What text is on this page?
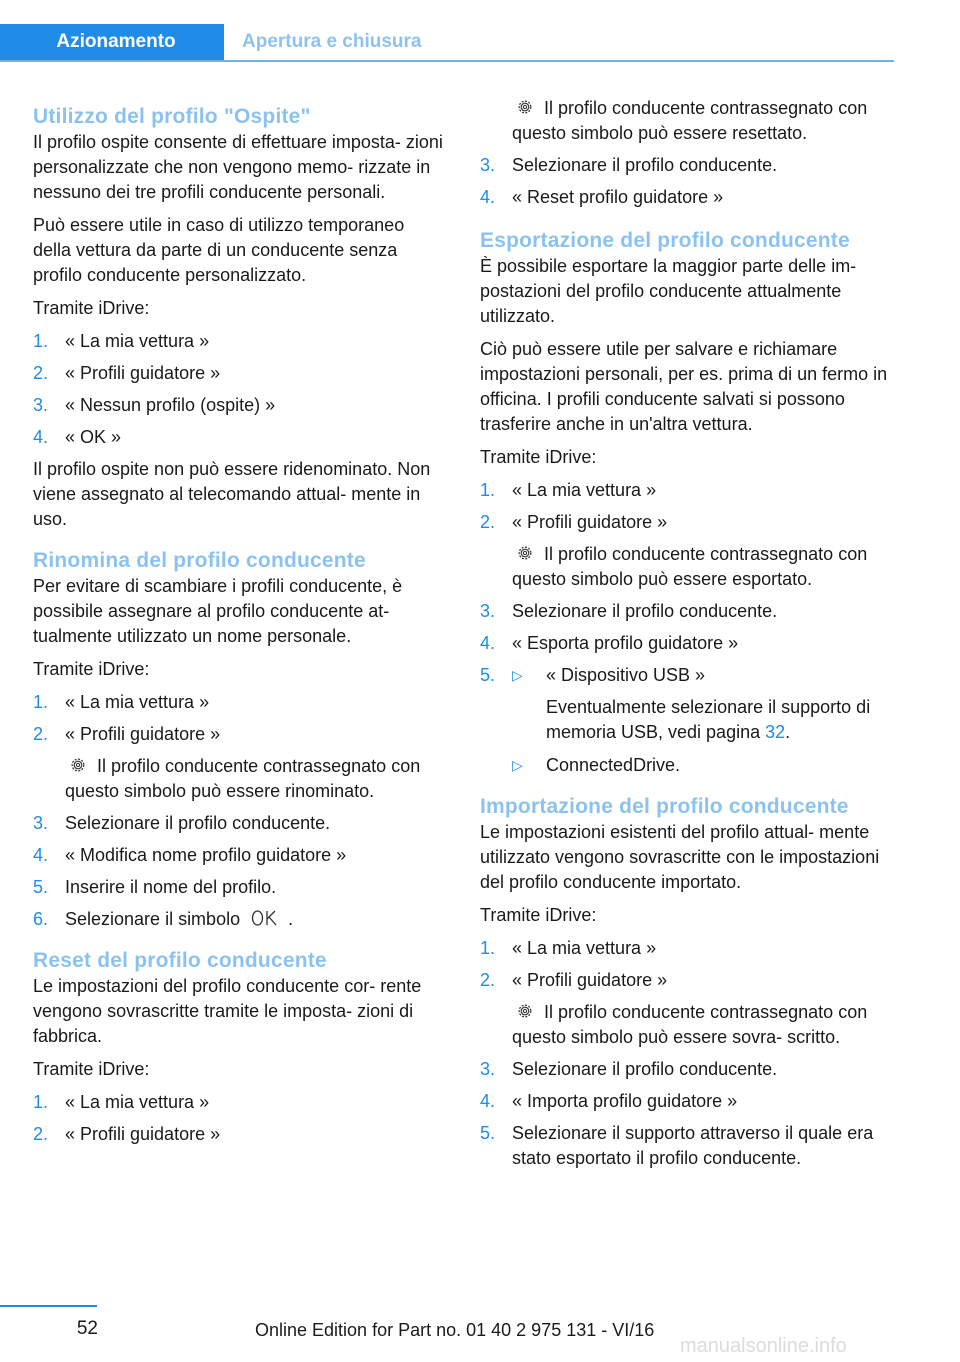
Azionamento	Apertura e chiusura
Utilizzo del profilo "Ospite"

Il profilo ospite consente di effettuare imposta‐ zioni personalizzate che non vengono memo‐ rizzate in nessuno dei tre profili conducente personali.

Può essere utile in caso di utilizzo temporaneo della vettura da parte di un conducente senza profilo conducente personalizzato.

Tramite iDrive:

1. « La mia vettura »
2. « Profili guidatore »
3. « Nessun profilo (ospite) »
4. « OK »

Il profilo ospite non può essere ridenominato. Non viene assegnato al telecomando attual‐ mente in uso.

Rinomina del profilo conducente

Per evitare di scambiare i profili conducente, è possibile assegnare al profilo conducente at‐ tualmente utilizzato un nome personale.

Tramite iDrive:

1. « La mia vettura »
2. « Profili guidatore »
Il profilo conducente contrassegnato con questo simbolo può essere rinominato.
3. Selezionare il profilo conducente.
4. « Modifica nome profilo guidatore »
5. Inserire il nome del profilo.
6. Selezionare il simbolo	.
Reset del profilo conducente

Le impostazioni del profilo conducente cor‐ rente vengono sovrascritte tramite le imposta‐ zioni di fabbrica.

Tramite iDrive:

1. « La mia vettura »
2. « Profili guidatore »
Il profilo conducente contrassegnato con questo simbolo può essere resettato.
3. Selezionare il profilo conducente.
4. « Reset profilo guidatore »
Esportazione del profilo conducente

È possibile esportare la maggior parte delle im‐ postazioni del profilo conducente attualmente utilizzato.

Ciò può essere utile per salvare e richiamare impostazioni personali, per es. prima di un fermo in officina. I profili conducente salvati si possono trasferire anche in un'altra vettura.

Tramite iDrive:

1. « La mia vettura »
2. « Profili guidatore »
Il profilo conducente contrassegnato con questo simbolo può essere esportato.
3. Selezionare il profilo conducente.
4. « Esporta profilo guidatore »
5.	▷	« Dispositivo USB »
Eventualmente selezionare il supporto di memoria USB, vedi pagina 32.
▷	ConnectedDrive.
Importazione del profilo conducente

Le impostazioni esistenti del profilo attual‐ mente utilizzato vengono sovrascritte con le impostazioni del profilo conducente importato.

Tramite iDrive:

1. « La mia vettura »
2. « Profili guidatore »
Il profilo conducente contrassegnato con questo simbolo può essere sovra‐ scritto.
3. Selezionare il profilo conducente.
4. « Importa profilo guidatore »
5. Selezionare il supporto attraverso il quale era stato esportato il profilo conducente.
52	Online Edition for Part no. 01 40 2 975 131 - VI/16
manualsonline.info
